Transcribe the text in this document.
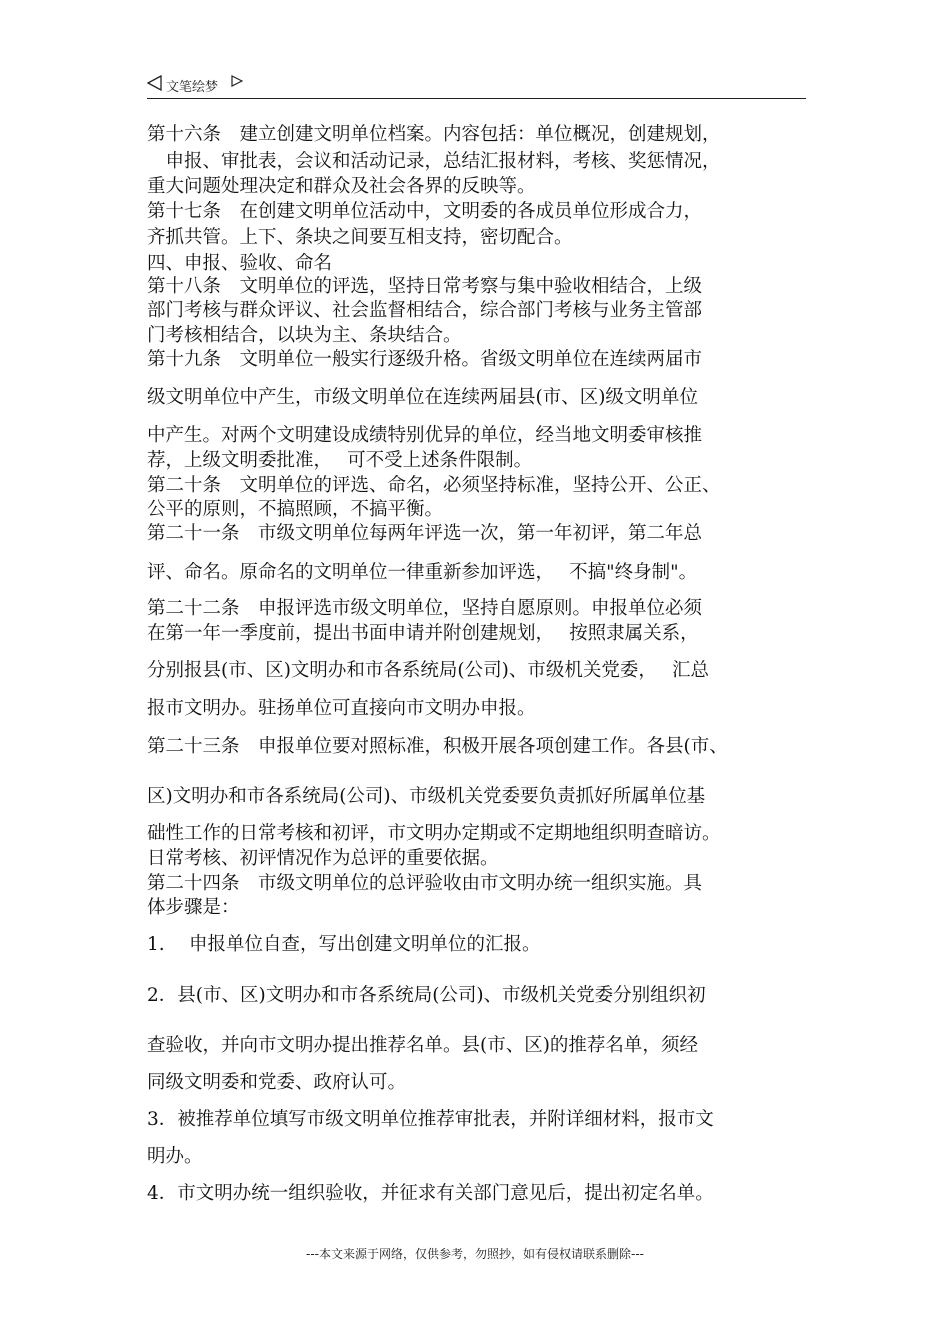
文笔绘梦
第十六条　建立创建文明单位档案。内容包括：单位概况，创建规划，
　申报、审批表，会议和活动记录，总结汇报材料，考核、奖惩情况，
重大问题处理决定和群众及社会各界的反映等。
第十七条　在创建文明单位活动中，文明委的各成员单位形成合力，
齐抓共管。上下、条块之间要互相支持，密切配合。
四、申报、验收、命名
第十八条　文明单位的评选，坚持日常考察与集中验收相结合，上级
部门考核与群众评议、社会监督相结合，综合部门考核与业务主管部
门考核相结合，以块为主、条块结合。
第十九条　文明单位一般实行逐级升格。省级文明单位在连续两届市
级文明单位中产生，市级文明单位在连续两届县(市、区)级文明单位
中产生。对两个文明建设成绩特别优异的单位，经当地文明委审核推
荐，上级文明委批准，　 可不受上述条件限制。
第二十条　文明单位的评选、命名，必须坚持标准，坚持公开、公正、
公平的原则，不搞照顾，不搞平衡。
第二十一条　市级文明单位每两年评选一次，第一年初评，第二年总
评、命名。原命名的文明单位一律重新参加评选，　 不搞"终身制"。
第二十二条　申报评选市级文明单位，坚持自愿原则。申报单位必须
在第一年一季度前，提出书面申请并附创建规划，　 按照隶属关系，
分别报县(市、区)文明办和市各系统局(公司)、市级机关党委，　 汇总
报市文明办。驻扬单位可直接向市文明办申报。
第二十三条　申报单位要对照标准，积极开展各项创建工作。各县(市、
区)文明办和市各系统局(公司)、市级机关党委要负责抓好所属单位基
础性工作的日常考核和初评，市文明办定期或不定期地组织明查暗访。
日常考核、初评情况作为总评的重要依据。
第二十四条　市级文明单位的总评验收由市文明办统一组织实施。具
体步骤是：
1.　 申报单位自查，写出创建文明单位的汇报。
2．县(市、区)文明办和市各系统局(公司)、市级机关党委分别组织初
查验收，并向市文明办提出推荐名单。县(市、区)的推荐名单，须经
同级文明委和党委、政府认可。
3．被推荐单位填写市级文明单位推荐审批表，并附详细材料，报市文
明办。
4．市文明办统一组织验收，并征求有关部门意见后，提出初定名单。
---本文来源于网络，仅供参考，勿照抄，如有侵权请联系删除---
